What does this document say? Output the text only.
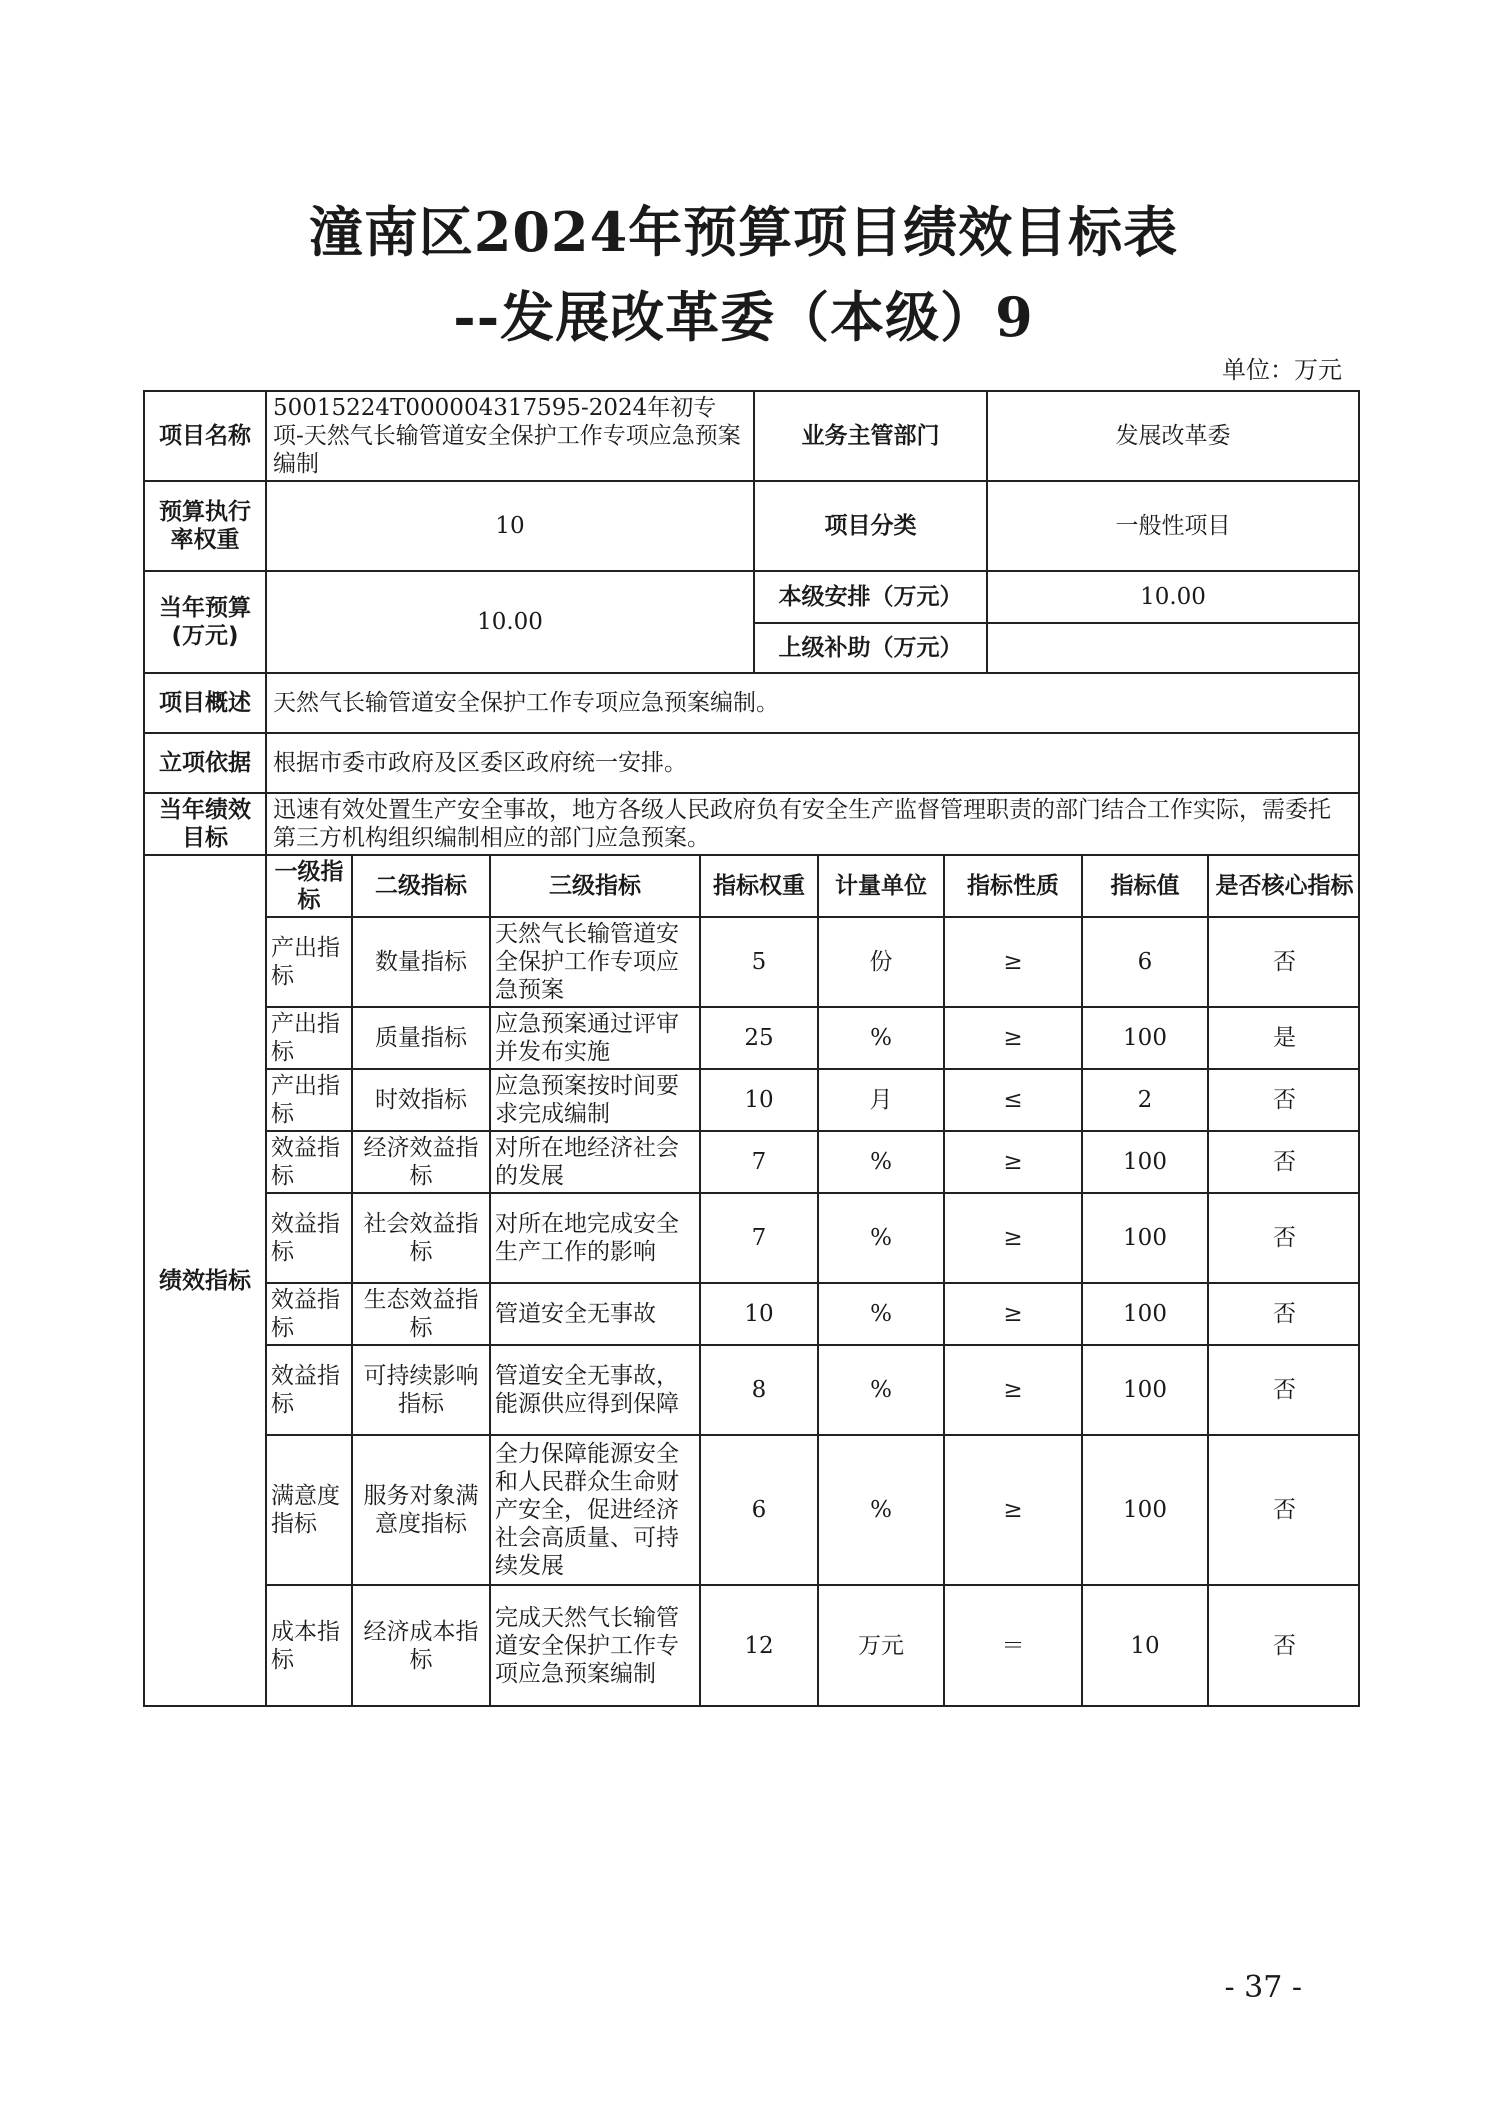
潼南区2024年预算项目绩效目标表
--发展改革委（本级）9
单位：万元
项目名称	50015224T000004317595-2024年初专项-天然气长输管道安全保护工作专项应急预案编制	业务主管部门	发展改革委
预算执行率权重	10	项目分类	一般性项目
当年预算(万元)	10.00	本级安排（万元）	10.00
上级补助（万元）	
项目概述	天然气长输管道安全保护工作专项应急预案编制。
立项依据	根据市委市政府及区委区政府统一安排。
当年绩效目标	迅速有效处置生产安全事故，地方各级人民政府负有安全生产监督管理职责的部门结合工作实际，需委托第三方机构组织编制相应的部门应急预案。
绩效指标	
一级指标	二级指标	三级指标	指标权重	计量单位	指标性质	指标值	是否核心指标
产出指标	数量指标	天然气长输管道安全保护工作专项应急预案	5	份	≥	6	否
产出指标	质量指标	应急预案通过评审并发布实施	25	%	≥	100	是
产出指标	时效指标	应急预案按时间要求完成编制	10	月	≤	2	否
效益指标	经济效益指标	对所在地经济社会的发展	7	%	≥	100	否
效益指标	社会效益指标	对所在地完成安全生产工作的影响	7	%	≥	100	否
效益指标	生态效益指标	管道安全无事故	10	%	≥	100	否
效益指标	可持续影响指标	管道安全无事故，能源供应得到保障	8	%	≥	100	否
满意度指标	服务对象满意度指标	全力保障能源安全和人民群众生命财产安全，促进经济社会高质量、可持续发展	6	%	≥	100	否
成本指标	经济成本指标	完成天然气长输管道安全保护工作专项应急预案编制	12	万元	＝	10	否
- 37 -
